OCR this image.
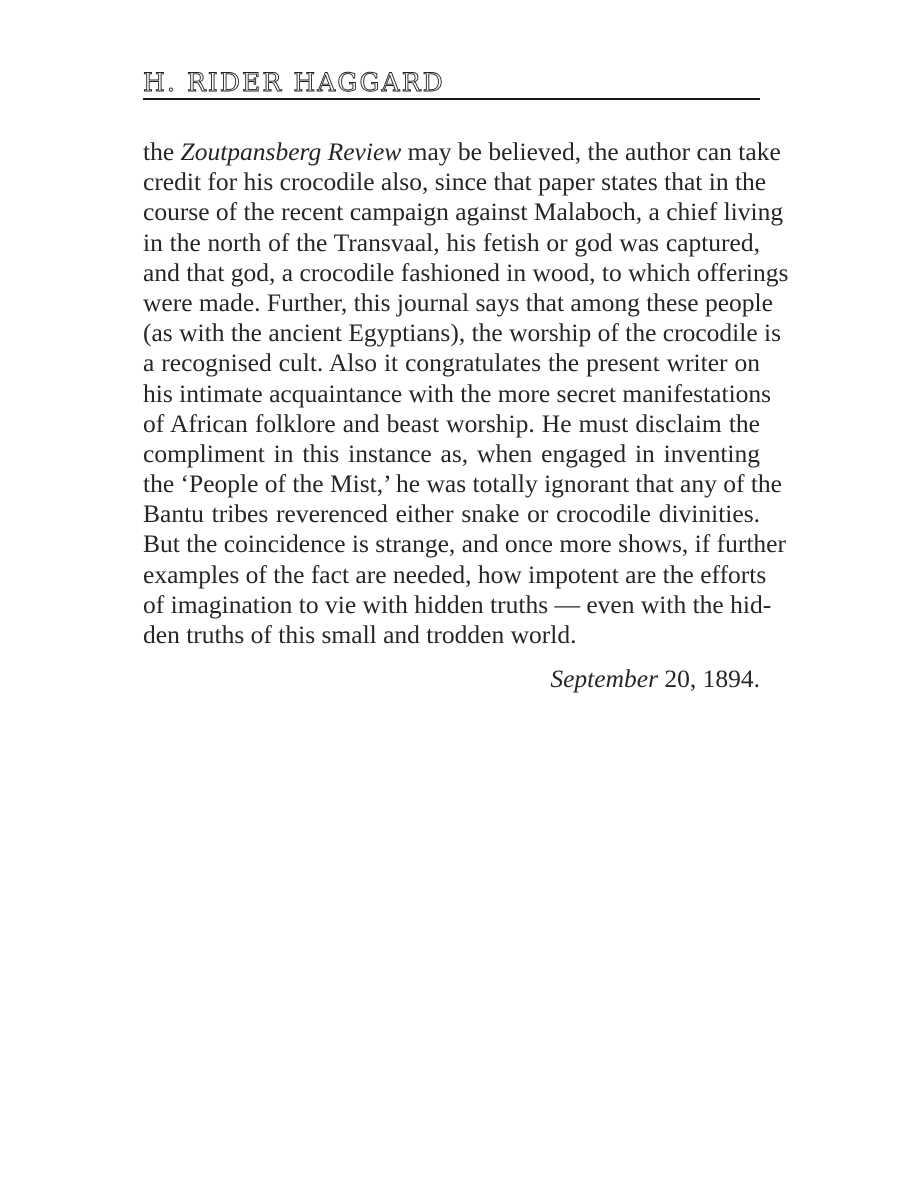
H. RIDER HAGGARD
the Zoutpansberg Review may be believed, the author can take
credit for his crocodile also, since that paper states that in the
course of the recent campaign against Malaboch, a chief living
in the north of the Transvaal, his fetish or god was captured,
and that god, a crocodile fashioned in wood, to which offerings
were made. Further, this journal says that among these people
(as with the ancient Egyptians), the worship of the crocodile is
a recognised cult. Also it congratulates the present writer on
his intimate acquaintance with the more secret manifestations
of African folklore and beast worship. He must disclaim the
compliment in this instance as, when engaged in inventing
the ‘People of the Mist,’ he was totally ignorant that any of the
Bantu tribes reverenced either snake or crocodile divinities.
But the coincidence is strange, and once more shows, if further
examples of the fact are needed, how impotent are the efforts
of imagination to vie with hidden truths — even with the hid-
den truths of this small and trodden world.
September 20, 1894.
